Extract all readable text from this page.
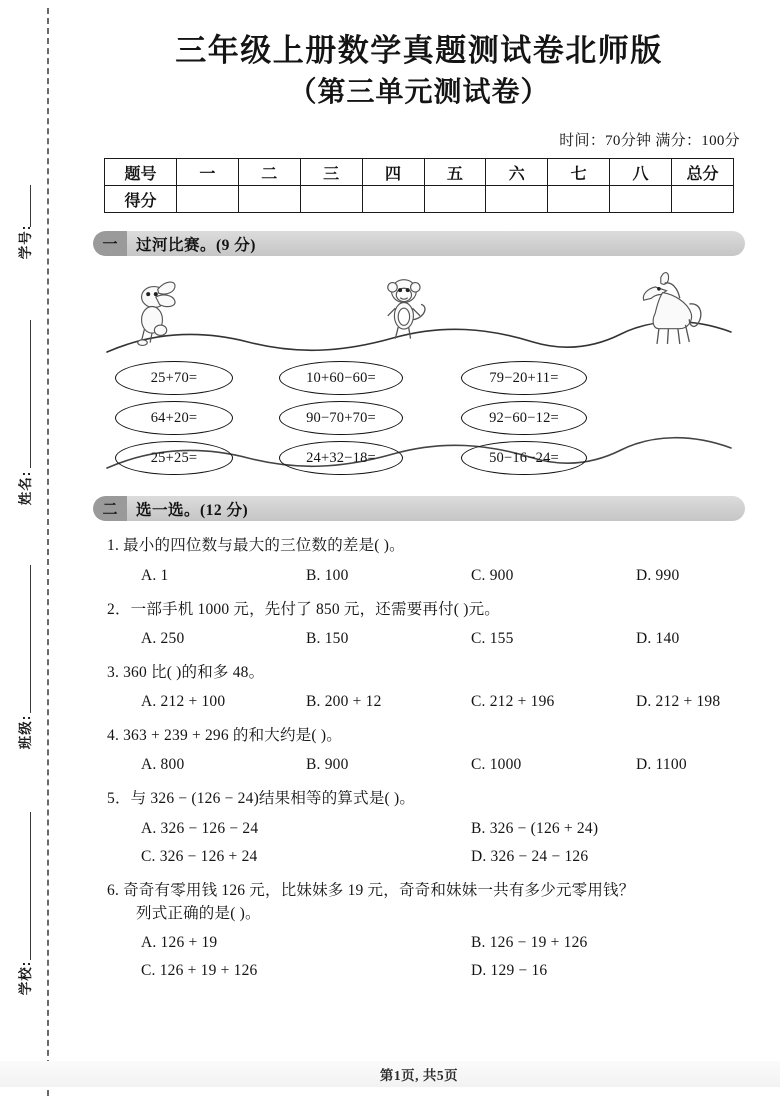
学号:
姓名:
班级:
学校:
三年级上册数学真题测试卷北师版
（第三单元测试卷）
时间：70分钟 满分：100分
题号	一	二	三	四	五	六	七	八	总分
得分									
一	过河比赛。(9 分)
25+70=
64+20=
25+25=
10+60−60=
90−70+70=
24+32−18=
79−20+11=
92−60−12=
50−16−24=
二	选一选。(12 分)
1. 最小的四位数与最大的三位数的差是( )。
A. 1	B. 100	C. 900	D. 990
2．一部手机 1000 元，先付了 850 元，还需要再付( )元。
A. 250	B. 150	C. 155	D. 140
3. 360 比( )的和多 48。
A. 212 + 100	B. 200 + 12	C. 212 + 196	D. 212 + 198
4. 363 + 239 + 296 的和大约是( )。
A. 800	B. 900	C. 1000	D. 1100
5．与 326 − (126 − 24)结果相等的算式是( )。
A. 326 − 126 − 24	B. 326 − (126 + 24)
C. 326 − 126 + 24	D. 326 − 24 − 126
6. 奇奇有零用钱 126 元，比妹妹多 19 元，奇奇和妹妹一共有多少元零用钱？
列式正确的是( )。
A. 126 + 19	B. 126 − 19 + 126
C. 126 + 19 + 126	D. 129 − 16
第1页, 共5页
